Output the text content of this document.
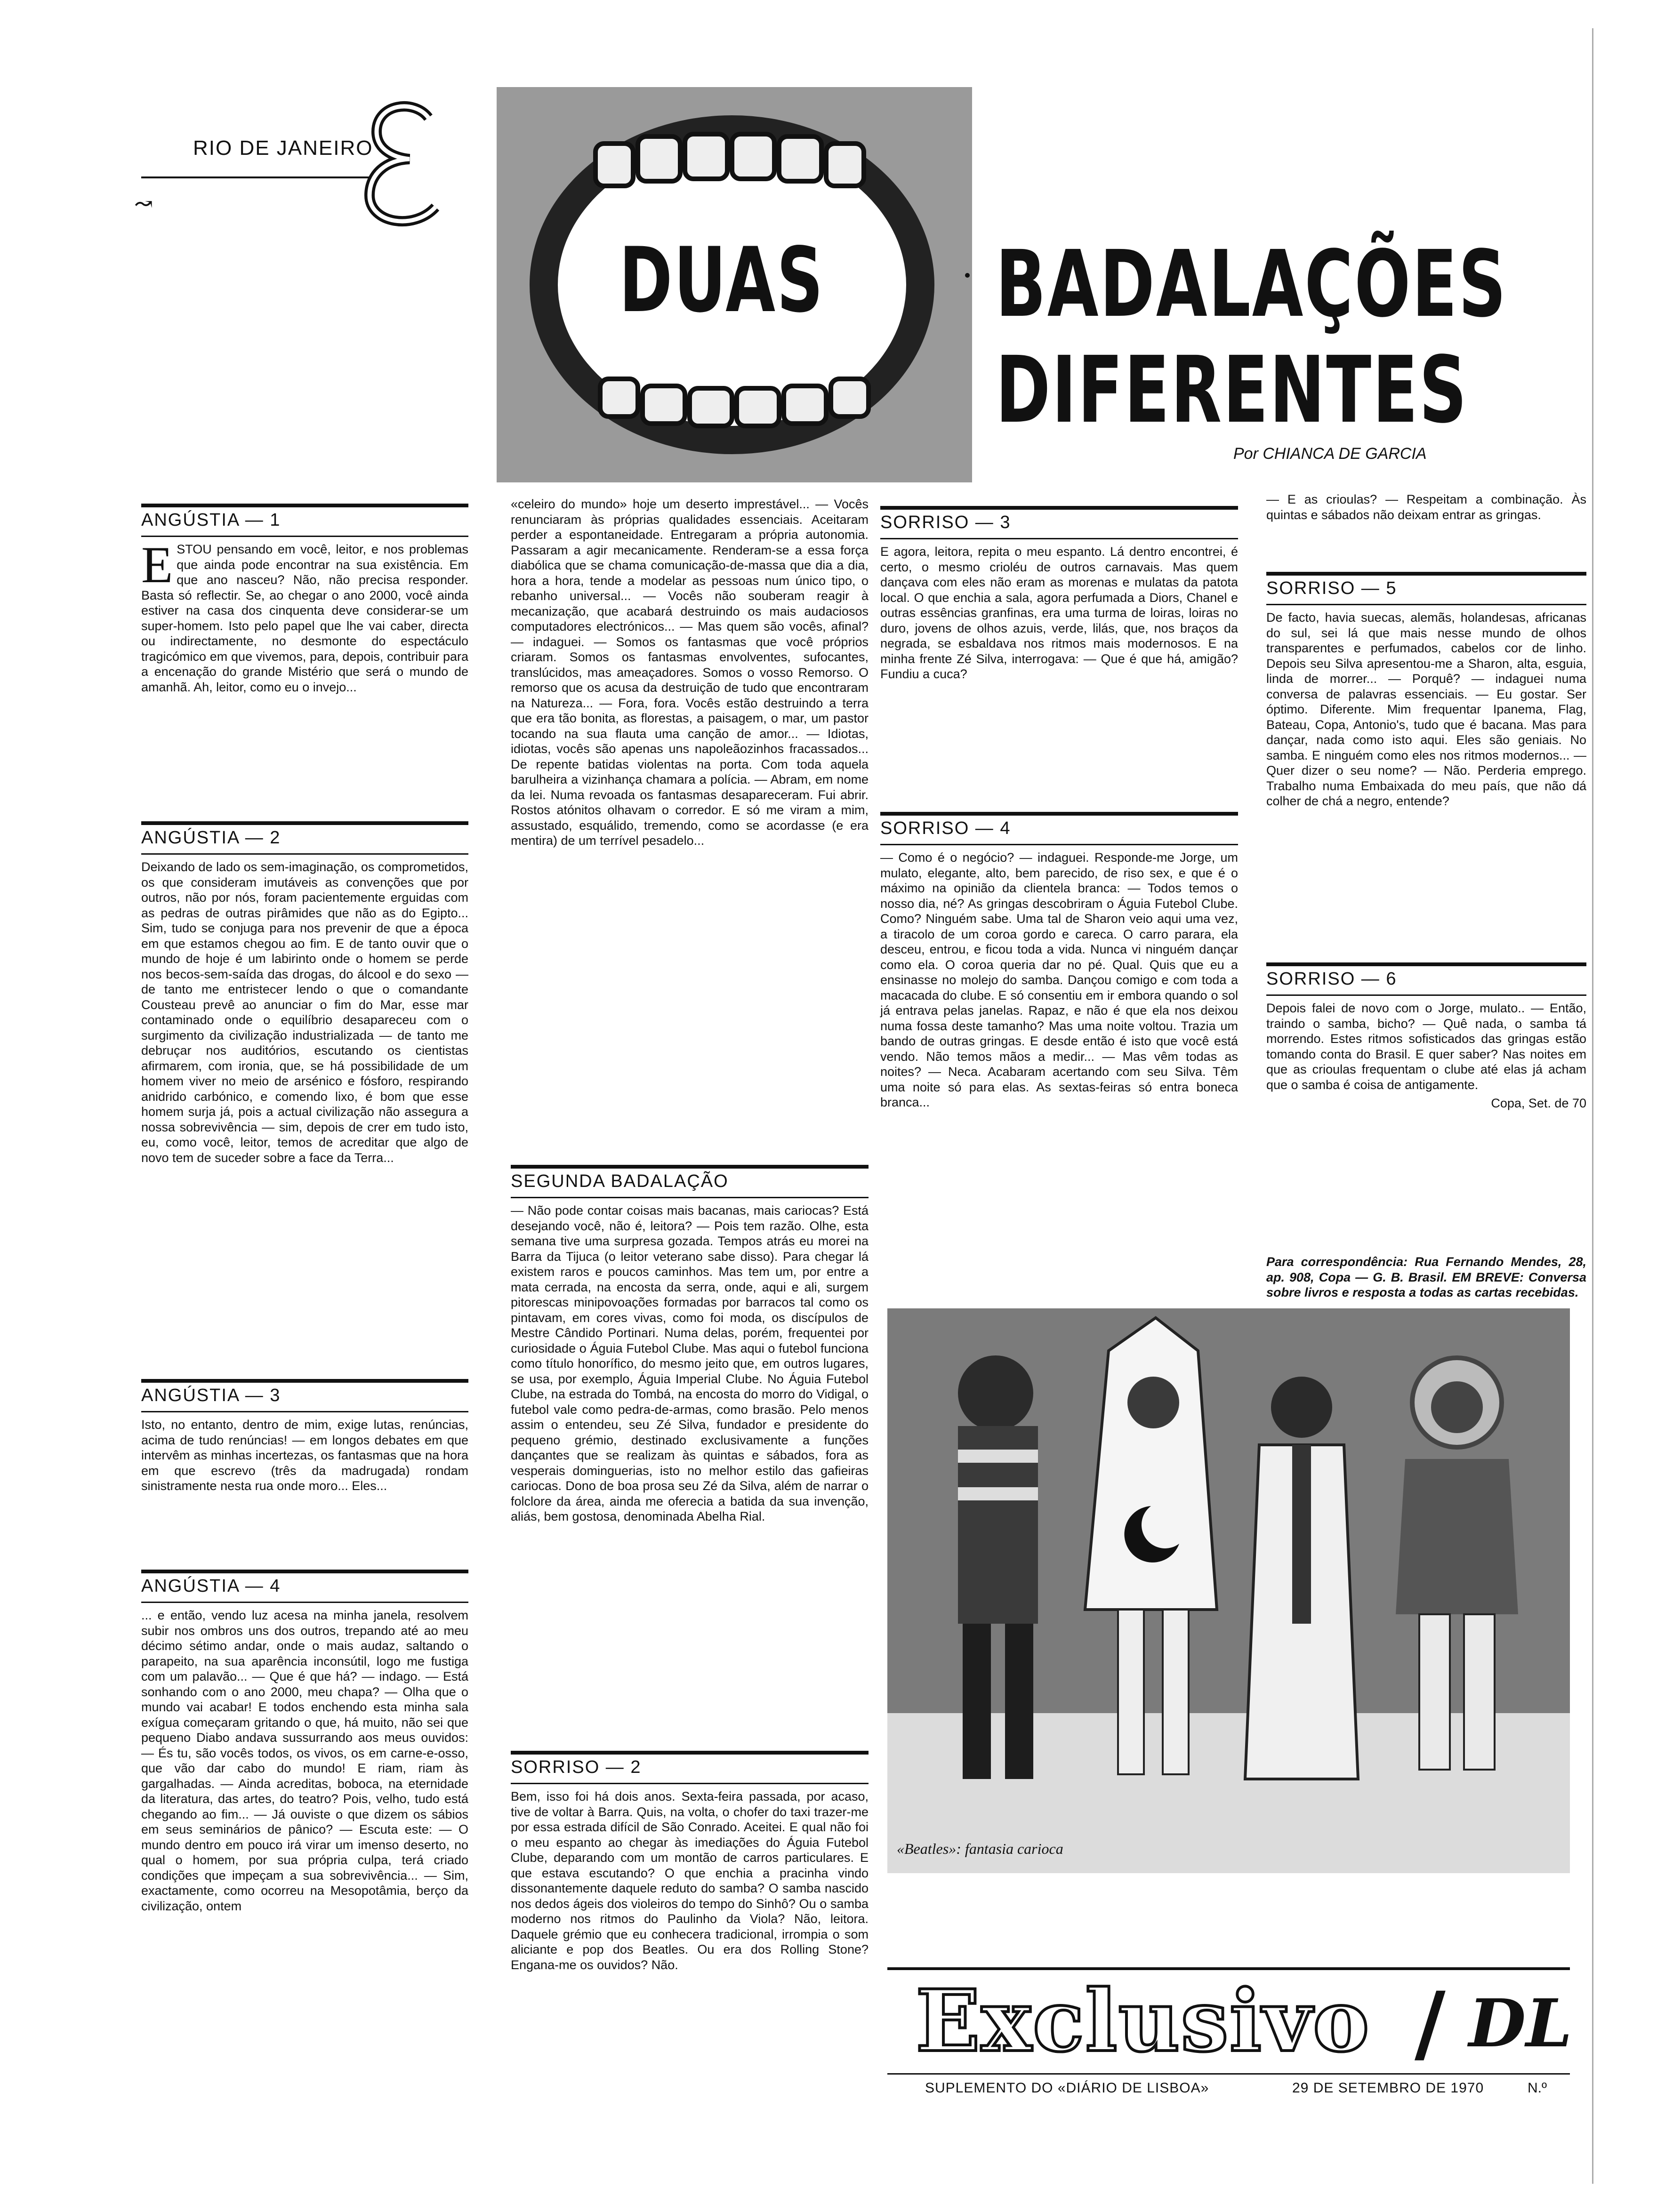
RIO DE JANEIRO
↝
DUAS BADALAÇÕES
DIFERENTES
Por CHIANCA DE GARCIA
ANGÚSTIA — 1
E STOU pensando em você, leitor, e nos problemas que ainda pode encontrar na sua existência. Em que ano nasceu? Não, não precisa responder. Basta só reflectir. Se, ao chegar o ano 2000, você ainda estiver na casa dos cinquenta deve considerar-se um super-homem. Isto pelo papel que lhe vai caber, directa ou indirectamente, no desmonte do espectáculo tragicómico em que vivemos, para, depois, contribuir para a encenação do grande Mistério que será o mundo de amanhã. Ah, leitor, como eu o invejo...
ANGÚSTIA — 2
Deixando de lado os sem-imaginação, os comprometidos, os que consideram imutáveis as convenções que por outros, não por nós, foram pacientemente erguidas com as pedras de outras pirâmides que não as do Egipto... Sim, tudo se conjuga para nos prevenir de que a época em que estamos chegou ao fim. E de tanto ouvir que o mundo de hoje é um labirinto onde o homem se perde nos becos-sem-saída das drogas, do álcool e do sexo — de tanto me entristecer lendo o que o comandante Cousteau prevê ao anunciar o fim do Mar, esse mar contaminado onde o equilíbrio desapareceu com o surgimento da civilização industrializada — de tanto me debruçar nos auditórios, escutando os cientistas afirmarem, com ironia, que, se há possibilidade de um homem viver no meio de arsénico e fósforo, respirando anidrido carbónico, e comendo lixo, é bom que esse homem surja já, pois a actual civilização não assegura a nossa sobrevivência — sim, depois de crer em tudo isto, eu, como você, leitor, temos de acreditar que algo de novo tem de suceder sobre a face da Terra...
ANGÚSTIA — 3
Isto, no entanto, dentro de mim, exige lutas, renúncias, acima de tudo renúncias! — em longos debates em que intervêm as minhas incertezas, os fantasmas que na hora em que escrevo (três da madrugada) rondam sinistramente nesta rua onde moro... Eles...
ANGÚSTIA — 4
... e então, vendo luz acesa na minha janela, resolvem subir nos ombros uns dos outros, trepando até ao meu décimo sétimo andar, onde o mais audaz, saltando o parapeito, na sua aparência inconsútil, logo me fustiga com um palavão... — Que é que há? — indago. — Está sonhando com o ano 2000, meu chapa? — Olha que o mundo vai acabar! E todos enchendo esta minha sala exígua começaram gritando o que, há muito, não sei que pequeno Diabo andava sussurrando aos meus ouvidos: — És tu, são vocês todos, os vivos, os em carne-e-osso, que vão dar cabo do mundo! E riam, riam às gargalhadas. — Ainda acreditas, boboca, na eternidade da literatura, das artes, do teatro? Pois, velho, tudo está chegando ao fim... — Já ouviste o que dizem os sábios em seus seminários de pânico? — Escuta este: — O mundo dentro em pouco irá virar um imenso deserto, no qual o homem, por sua própria culpa, terá criado condições que impeçam a sua sobrevivência... — Sim, exactamente, como ocorreu na Mesopotâmia, berço da civilização, ontem
«celeiro do mundo» hoje um deserto imprestável... — Vocês renunciaram às próprias qualidades essenciais. Aceitaram perder a espontaneidade. Entregaram a própria autonomia. Passaram a agir mecanicamente. Renderam-se a essa força diabólica que se chama comunicação-de-massa que dia a dia, hora a hora, tende a modelar as pessoas num único tipo, o rebanho universal... — Vocês não souberam reagir à mecanização, que acabará destruindo os mais audaciosos computadores electrónicos... — Mas quem são vocês, afinal? — indaguei. — Somos os fantasmas que você próprios criaram. Somos os fantasmas envolventes, sufocantes, translúcidos, mas ameaçadores. Somos o vosso Remorso. O remorso que os acusa da destruição de tudo que encontraram na Natureza... — Fora, fora. Vocês estão destruindo a terra que era tão bonita, as florestas, a paisagem, o mar, um pastor tocando na sua flauta uma canção de amor... — Idiotas, idiotas, vocês são apenas uns napoleãozinhos fracassados... De repente batidas violentas na porta. Com toda aquela barulheira a vizinhança chamara a polícia. — Abram, em nome da lei. Numa revoada os fantasmas desapareceram. Fui abrir. Rostos atónitos olhavam o corredor. E só me viram a mim, assustado, esquálido, tremendo, como se acordasse (e era mentira) de um terrível pesadelo...
SEGUNDA BADALAÇÃO
— Não pode contar coisas mais bacanas, mais cariocas? Está desejando você, não é, leitora? — Pois tem razão. Olhe, esta semana tive uma surpresa gozada. Tempos atrás eu morei na Barra da Tijuca (o leitor veterano sabe disso). Para chegar lá existem raros e poucos caminhos. Mas tem um, por entre a mata cerrada, na encosta da serra, onde, aqui e ali, surgem pitorescas minipovoações formadas por barracos tal como os pintavam, em cores vivas, como foi moda, os discípulos de Mestre Cândido Portinari. Numa delas, porém, frequentei por curiosidade o Águia Futebol Clube. Mas aqui o futebol funciona como título honorífico, do mesmo jeito que, em outros lugares, se usa, por exemplo, Águia Imperial Clube. No Águia Futebol Clube, na estrada do Tombá, na encosta do morro do Vidigal, o futebol vale como pedra-de-armas, como brasão. Pelo menos assim o entendeu, seu Zé Silva, fundador e presidente do pequeno grémio, destinado exclusivamente a funções dançantes que se realizam às quintas e sábados, fora as vesperais dominguerias, isto no melhor estilo das gafieiras cariocas. Dono de boa prosa seu Zé da Silva, além de narrar o folclore da área, ainda me oferecia a batida da sua invenção, aliás, bem gostosa, denominada Abelha Rial.
SORRISO — 2
Bem, isso foi há dois anos. Sexta-feira passada, por acaso, tive de voltar à Barra. Quis, na volta, o chofer do taxi trazer-me por essa estrada difícil de São Conrado. Aceitei. E qual não foi o meu espanto ao chegar às imediações do Águia Futebol Clube, deparando com um montão de carros particulares. E que estava escutando? O que enchia a pracinha vindo dissonantemente daquele reduto do samba? O samba nascido nos dedos ágeis dos violeiros do tempo do Sinhô? Ou o samba moderno nos ritmos do Paulinho da Viola? Não, leitora. Daquele grémio que eu conhecera tradicional, irrompia o som aliciante e pop dos Beatles. Ou era dos Rolling Stone? Engana-me os ouvidos? Não.
SORRISO — 3
E agora, leitora, repita o meu espanto. Lá dentro encontrei, é certo, o mesmo crioléu de outros carnavais. Mas quem dançava com eles não eram as morenas e mulatas da patota local. O que enchia a sala, agora perfumada a Diors, Chanel e outras essências granfinas, era uma turma de loiras, loiras no duro, jovens de olhos azuis, verde, lilás, que, nos braços da negrada, se esbaldava nos ritmos mais modernosos. E na minha frente Zé Silva, interrogava: — Que é que há, amigão? Fundiu a cuca?
SORRISO — 4
— Como é o negócio? — indaguei. Responde-me Jorge, um mulato, elegante, alto, bem parecido, de riso sex, e que é o máximo na opinião da clientela branca: — Todos temos o nosso dia, né? As gringas descobriram o Águia Futebol Clube. Como? Ninguém sabe. Uma tal de Sharon veio aqui uma vez, a tiracolo de um coroa gordo e careca. O carro parara, ela desceu, entrou, e ficou toda a vida. Nunca vi ninguém dançar como ela. O coroa queria dar no pé. Qual. Quis que eu a ensinasse no molejo do samba. Dançou comigo e com toda a macacada do clube. E só consentiu em ir embora quando o sol já entrava pelas janelas. Rapaz, e não é que ela nos deixou numa fossa deste tamanho? Mas uma noite voltou. Trazia um bando de outras gringas. E desde então é isto que você está vendo. Não temos mãos a medir... — Mas vêm todas as noites? — Neca. Acabaram acertando com seu Silva. Têm uma noite só para elas. As sextas-feiras só entra boneca branca...
— E as crioulas? — Respeitam a combinação. Às quintas e sábados não deixam entrar as gringas.
SORRISO — 5
De facto, havia suecas, alemãs, holandesas, africanas do sul, sei lá que mais nesse mundo de olhos transparentes e perfumados, cabelos cor de linho. Depois seu Silva apresentou-me a Sharon, alta, esguia, linda de morrer... — Porquê? — indaguei numa conversa de palavras essenciais. — Eu gostar. Ser óptimo. Diferente. Mim frequentar Ipanema, Flag, Bateau, Copa, Antonio's, tudo que é bacana. Mas para dançar, nada como isto aqui. Eles são geniais. No samba. E ninguém como eles nos ritmos modernos... — Quer dizer o seu nome? — Não. Perderia emprego. Trabalho numa Embaixada do meu país, que não dá colher de chá a negro, entende?
SORRISO — 6
Depois falei de novo com o Jorge, mulato.. — Então, traindo o samba, bicho? — Quê nada, o samba tá morrendo. Estes ritmos sofisticados das gringas estão tomando conta do Brasil. E quer saber? Nas noites em que as crioulas frequentam o clube até elas já acham que o samba é coisa de antigamente.
Copa, Set. de 70
Para correspondência: Rua Fernando Mendes, 28, ap. 908, Copa — G. B. Brasil. EM BREVE: Conversa sobre livros e resposta a todas as cartas recebidas.
«Beatles»: fantasia carioca
Exclusivo / DL
SUPLEMENTO DO «DIÁRIO DE LISBOA»	29 DE SETEMBRO DE 1970	N.º
